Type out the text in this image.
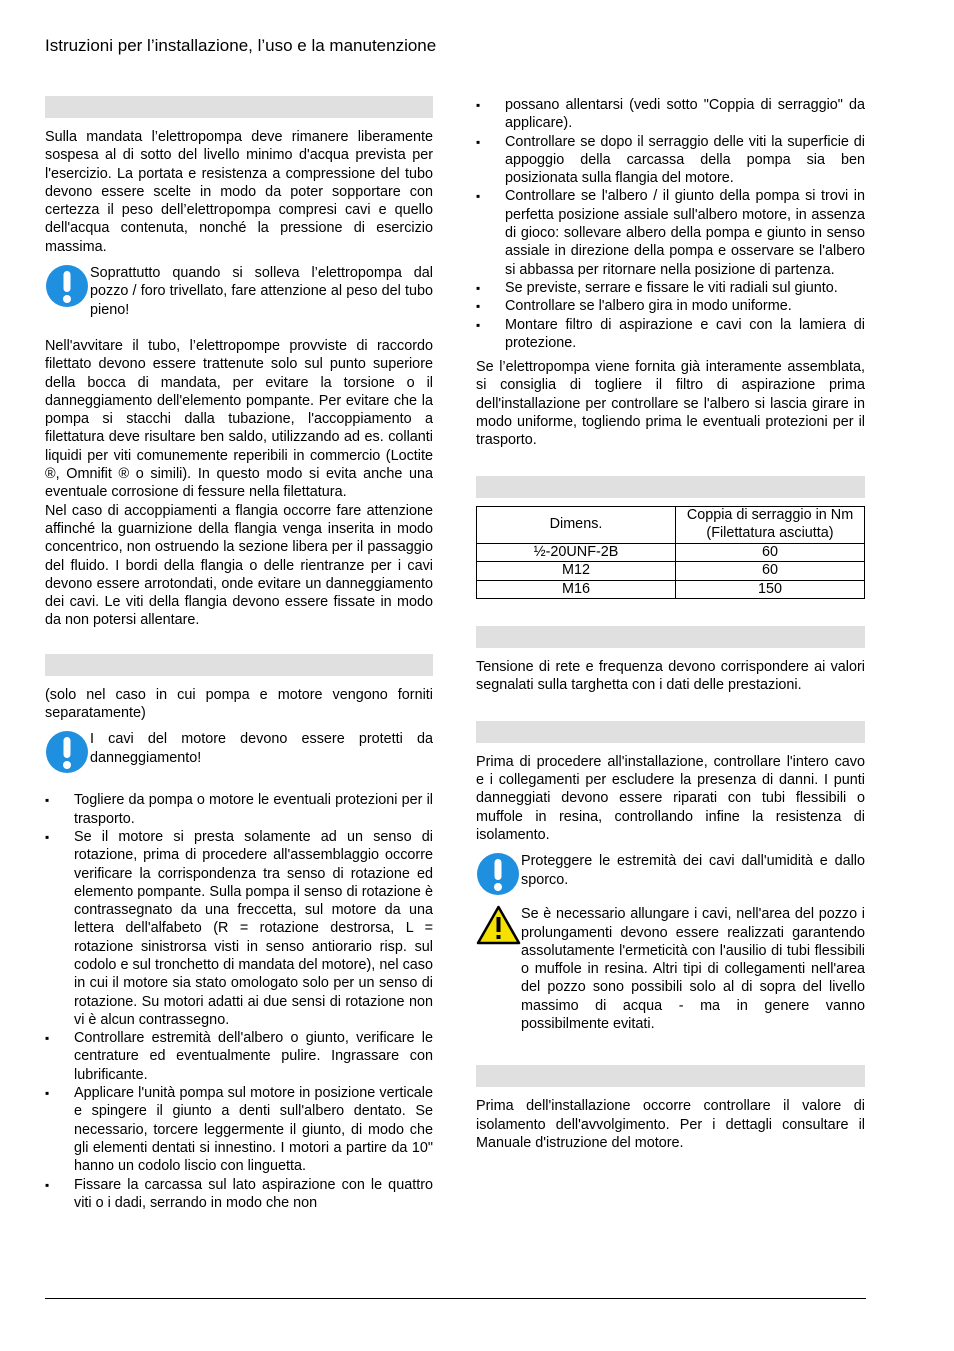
Istruzioni per l’installazione, l’uso e la manutenzione

Sulla mandata l’elettropompa deve rimanere liberamente sospesa al di sotto del livello minimo d'acqua prevista per l'esercizio. La portata e resistenza a compressione del tubo devono essere scelte in modo da poter sopportare con certezza il peso dell’elettropompa compresi cavi e quello dell'acqua contenuta, nonché la pressione di esercizio massima.

Soprattutto quando si solleva l’elettropompa dal pozzo / foro trivellato, fare attenzione al peso del tubo pieno!

Nell'avvitare il tubo, l’elettropompe provviste di raccordo filettato devono essere trattenute solo sul punto superiore della bocca di mandata, per evitare la torsione o il danneggiamento dell'elemento pompante. Per evitare che la pompa si stacchi dalla tubazione, l'accoppiamento a filettatura deve risultare ben saldo, utilizzando ad es. collanti liquidi per viti comunemente reperibili in commercio (Loctite ®, Omnifit ® o simili). In questo modo si evita anche una eventuale corrosione di fessure nella filettatura.

Nel caso di accoppiamenti a flangia occorre fare attenzione affinché la guarnizione della flangia venga inserita in modo concentrico, non ostruendo la sezione libera per il passaggio del fluido. I bordi della flangia o delle rientranze per i cavi devono essere arrotondati, onde evitare un danneggiamento dei cavi. Le viti della flangia devono essere fissate in modo da non potersi allentare.

(solo nel caso in cui pompa e motore vengono forniti separatamente)

I cavi del motore devono essere protetti da danneggiamento!

▪ Togliere da pompa o motore le eventuali protezioni per il trasporto.
▪ Se il motore si presta solamente ad un senso di rotazione, prima di procedere all'assemblaggio occorre verificare la corrispondenza tra senso di rotazione ed elemento pompante. Sulla pompa il senso di rotazione è contrassegnato da una freccetta, sul motore da una lettera dell'alfabeto (R = rotazione destrorsa, L = rotazione sinistrorsa visti in senso antiorario risp. sul codolo e sul tronchetto di mandata del motore), nel caso in cui il motore sia stato omologato solo per un senso di rotazione. Su motori adatti ai due sensi di rotazione non vi è alcun contrassegno.
▪ Controllare estremità dell'albero o giunto, verificare le centrature ed eventualmente pulire. Ingrassare con lubrificante.
▪ Applicare l'unità pompa sul motore in posizione verticale e spingere il giunto a denti sull'albero dentato. Se necessario, torcere leggermente il giunto, di modo che gli elementi dentati si innestino. I motori a partire da 10" hanno un codolo liscio con linguetta.
▪ Fissare la carcassa sul lato aspirazione con le quattro viti o i dadi, serrando in modo che non
▪ possano allentarsi (vedi sotto "Coppia di serraggio" da applicare).
▪ Controllare se dopo il serraggio delle viti la superficie di appoggio della carcassa della pompa sia ben posizionata sulla flangia del motore.
▪ Controllare se l'albero / il giunto della pompa si trovi in perfetta posizione assiale sull'albero motore, in assenza di gioco: sollevare albero della pompa e giunto in senso assiale in direzione della pompa e osservare se l'albero si abbassa per ritornare nella posizione di partenza.
▪ Se previste, serrare e fissare le viti radiali sul giunto.
▪ Controllare se l'albero gira in modo uniforme.
▪ Montare filtro di aspirazione e cavi con la lamiera di protezione.

Se l’elettropompa viene fornita già interamente assemblata, si consiglia di togliere il filtro di aspirazione prima dell'installazione per controllare se l'albero si lascia girare in modo uniforme, togliendo prima le eventuali protezioni per il trasporto.

Dimens.	Coppia di serraggio in Nm (Filettatura asciutta)
½-20UNF-2B	60
M12	60
M16	150

Tensione di rete e frequenza devono corrispondere ai valori segnalati sulla targhetta con i dati delle prestazioni.

Prima di procedere all'installazione, controllare l'intero cavo e i collegamenti per escludere la presenza di danni. I punti danneggiati devono essere riparati con tubi flessibili o muffole in resina, controllando infine la resistenza di isolamento.

Proteggere le estremità dei cavi dall'umidità e dallo sporco.

Se è necessario allungare i cavi, nell'area del pozzo i prolungamenti devono essere realizzati garantendo assolutamente l'ermeticità con l'ausilio di tubi flessibili o muffole in resina. Altri tipi di collegamenti nell'area del pozzo sono possibili solo al di sopra del livello massimo di acqua - ma in genere vanno possibilmente evitati.

Prima dell'installazione occorre controllare il valore di isolamento dell'avvolgimento. Per i dettagli consultare il Manuale d'istruzione del motore.
